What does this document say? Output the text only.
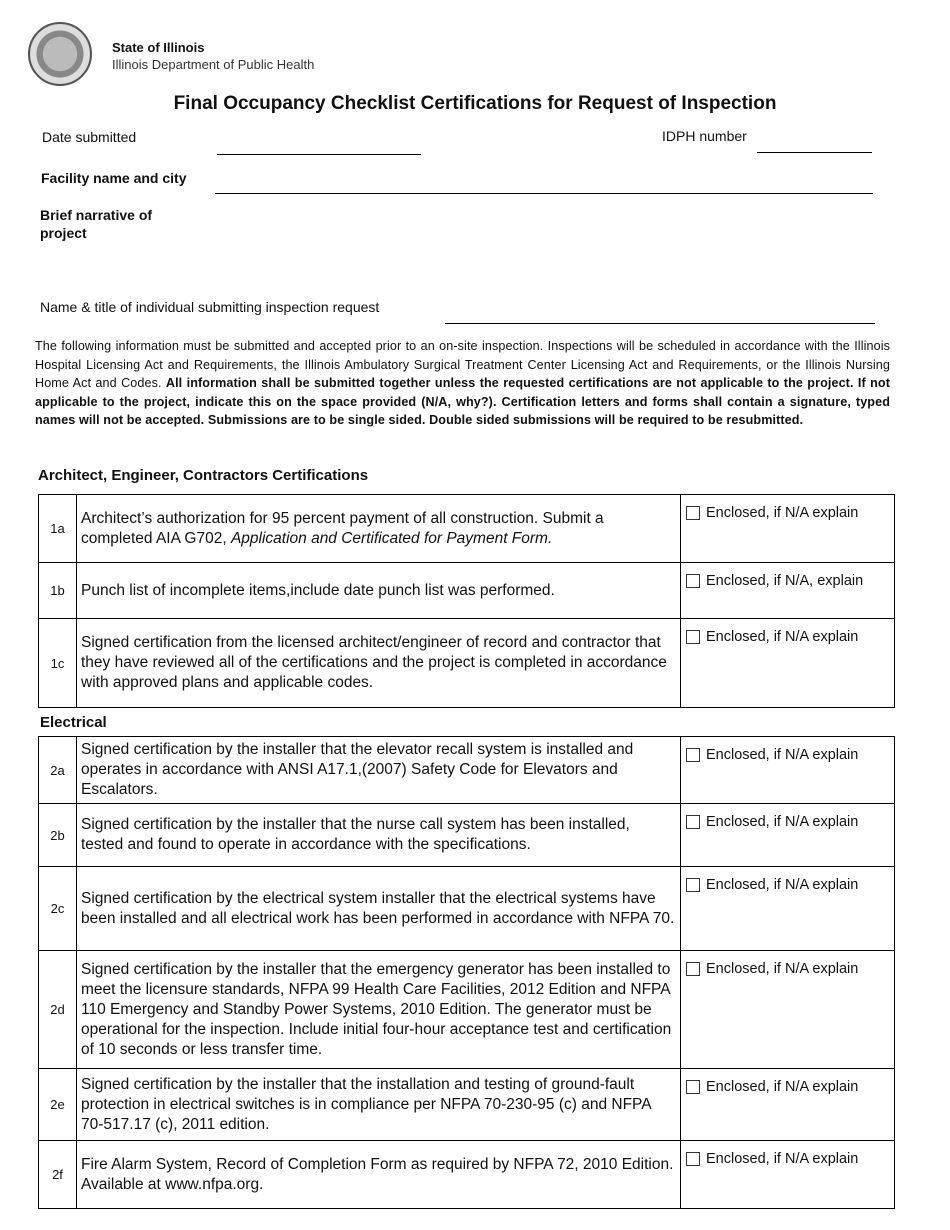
State of Illinois
Illinois Department of Public Health
Final Occupancy Checklist Certifications for Request of Inspection
Date submitted	IDPH number
Facility name and city
Brief narrative of project
Name & title of individual submitting inspection request
The following information must be submitted and accepted prior to an on-site inspection. Inspections will be scheduled in accordance with the Illinois Hospital Licensing Act and Requirements, the Illinois Ambulatory Surgical Treatment Center Licensing Act and Requirements, or the Illinois Nursing Home Act and Codes. All information shall be submitted together unless the requested certifications are not applicable to the project. If not applicable to the project, indicate this on the space provided (N/A, why?). Certification letters and forms shall contain a signature, typed names will not be accepted. Submissions are to be single sided. Double sided submissions will be required to be resubmitted.
Architect, Engineer, Contractors Certifications
Electrical
1a
Architect’s authorization for 95 percent payment of all construction. Submit a completed AIA G702, Application and Certificated for Payment Form.
Enclosed, if N/A explain
1b	Punch list of incomplete items,include date punch list was performed.
Enclosed, if N/A, explain
1c
Signed certification from the licensed architect/engineer of record and contractor that they have reviewed all of the certifications and the project is completed in accordance with approved plans and applicable codes.
Enclosed, if N/A explain
2a
Signed certification by the installer that the elevator recall system is installed and operates in accordance with ANSI A17.1,(2007) Safety Code for Elevators and Escalators.
Enclosed, if N/A explain
2b
Signed certification by the installer that the nurse call system has been installed, tested and found to operate in accordance with the specifications.
Enclosed, if N/A explain
2c
Signed certification by the electrical system installer that the electrical systems have been installed and all electrical work has been performed in accordance with NFPA 70.
Enclosed, if N/A explain
2d
Signed certification by the installer that the emergency generator has been installed to meet the licensure standards, NFPA 99 Health Care Facilities, 2012 Edition and NFPA 110 Emergency and Standby Power Systems, 2010 Edition. The generator must be operational for the inspection. Include initial four-hour acceptance test and certification of 10 seconds or less transfer time.
Enclosed, if N/A explain
2e
Signed certification by the installer that the installation and testing of ground-fault protection in electrical switches is in compliance per NFPA 70-230-95 (c) and NFPA 70-517.17 (c), 2011 edition.
Enclosed, if N/A explain
2f
Fire Alarm System, Record of Completion Form as required by NFPA 72, 2010 Edition. Available at www.nfpa.org.
Enclosed, if N/A explain
